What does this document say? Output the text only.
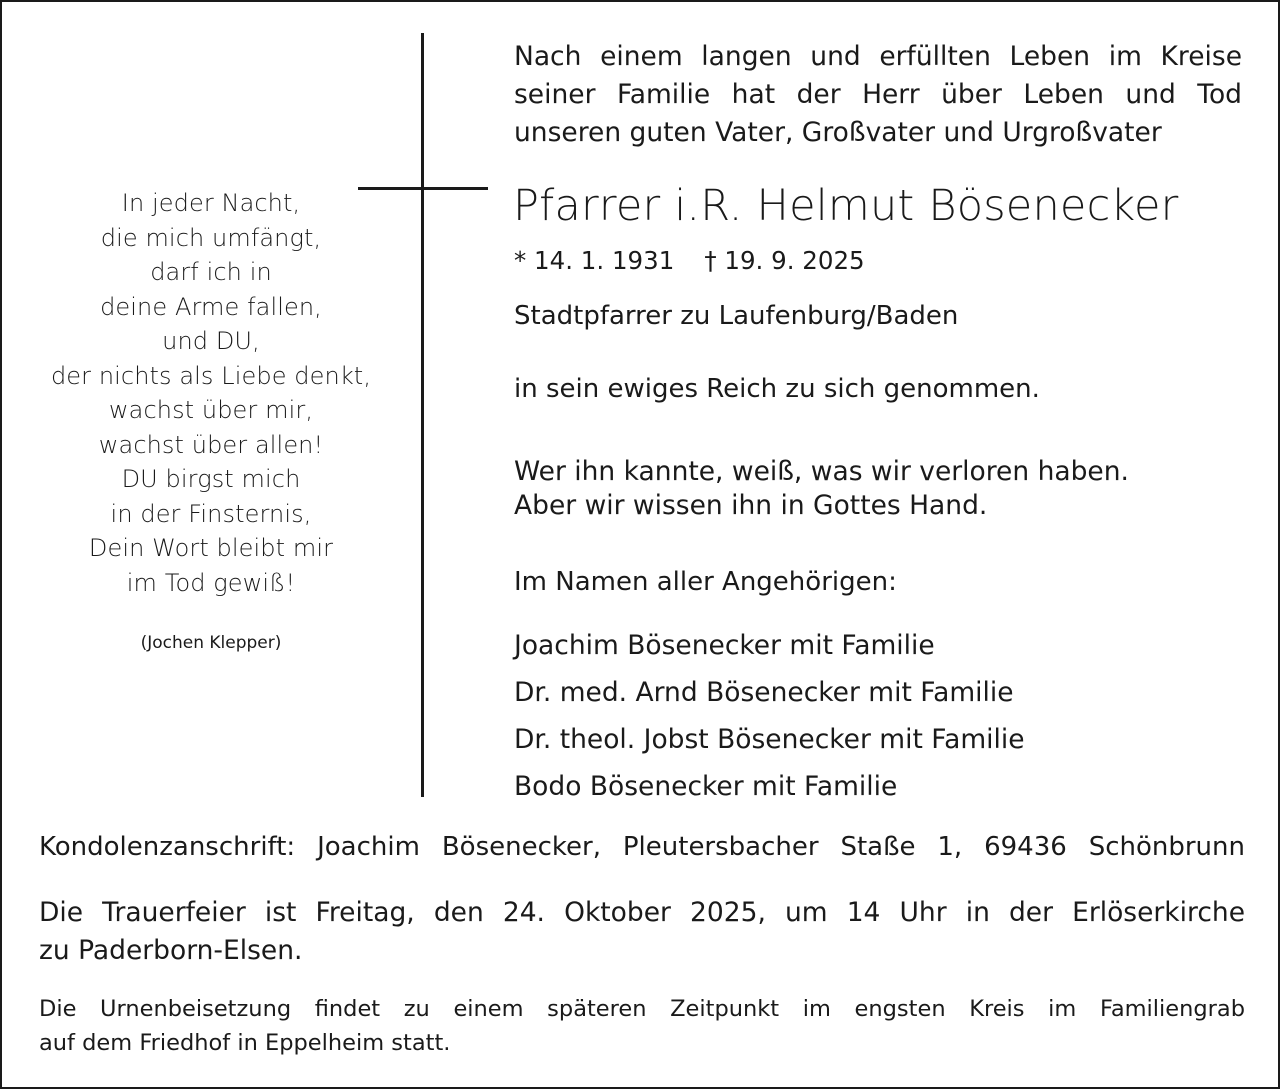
In jeder Nacht,
die mich umfängt,
darf ich in
deine Arme fallen,
und DU,
der nichts als Liebe denkt,
wachst über mir,
wachst über allen!
DU birgst mich
in der Finsternis,
Dein Wort bleibt mir
im Tod gewiß!
(Jochen Klepper)
Nach einem langen und erfüllten Leben im Kreise
seiner Familie hat der Herr über Leben und Tod
unseren guten Vater, Großvater und Urgroßvater
Pfarrer i.R. Helmut Bösenecker
* 14. 1. 1931 † 19. 9. 2025
Stadtpfarrer zu Laufenburg/Baden
in sein ewiges Reich zu sich genommen.
Wer ihn kannte, weiß, was wir verloren haben.
Aber wir wissen ihn in Gottes Hand.
Im Namen aller Angehörigen:
Joachim Bösenecker mit Familie
Dr. med. Arnd Bösenecker mit Familie
Dr. theol. Jobst Bösenecker mit Familie
Bodo Bösenecker mit Familie
Kondolenzanschrift: Joachim Bösenecker, Pleutersbacher Staße 1, 69436 Schönbrunn
Die Trauerfeier ist Freitag, den 24. Oktober 2025, um 14 Uhr in der Erlöserkirche
zu Paderborn-Elsen.
Die Urnenbeisetzung findet zu einem späteren Zeitpunkt im engsten Kreis im Familiengrab
auf dem Friedhof in Eppelheim statt.
